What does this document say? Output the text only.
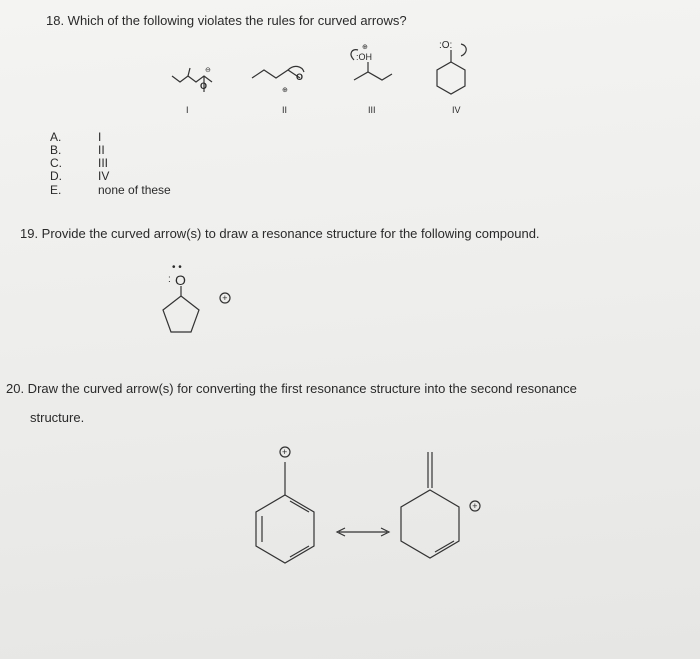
18. Which of the following violates the rules for curved arrows?
O
⊖
I
O
⊕
II
⊕
:OH
III
:O:
IV
A.	I
B.	II
C.	III
D.	IV
E.	none of these
19. Provide the curved arrow(s) to draw a resonance structure for the following compound.
• •
O
:
+
20. Draw the curved arrow(s) for converting the first resonance structure into the second resonance
structure.
+
+
